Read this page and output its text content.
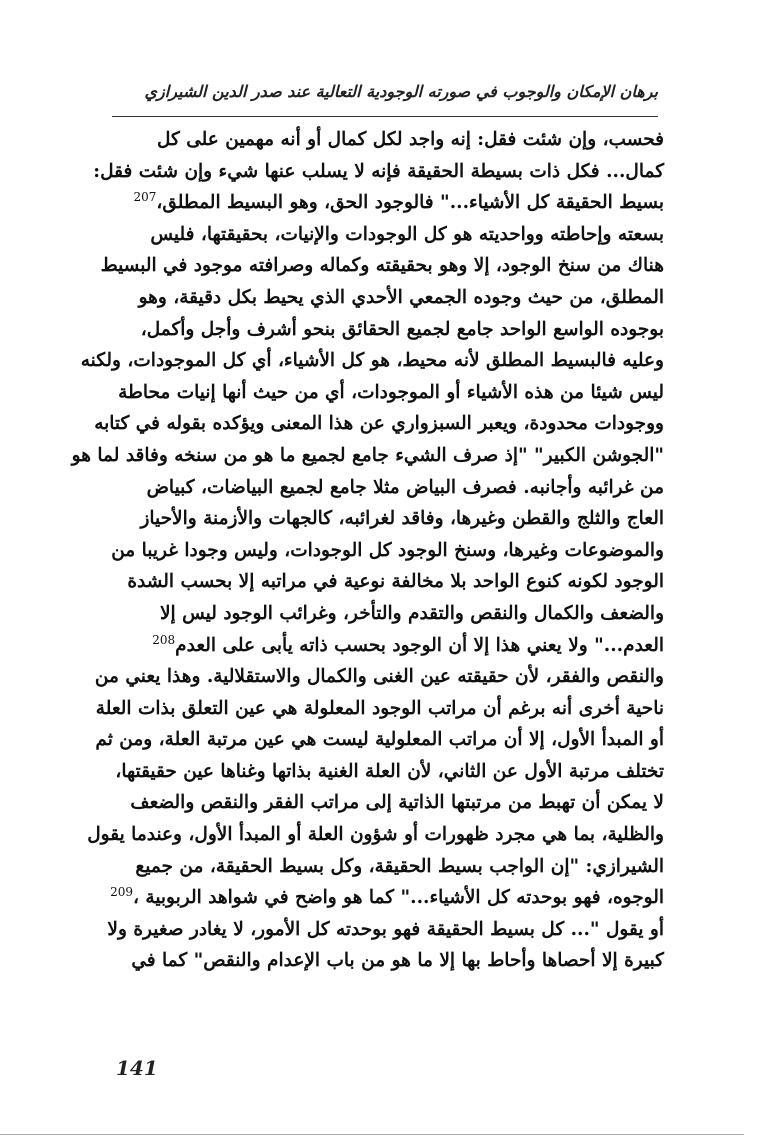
برهان الإمكان والوجوب في صورته الوجودية التعالية عند صدر الدين الشيرازي
فحسب، وإن شئت فقل: إنه واجد لكل كمال أو أنه مهمين على كل
كمال... فكل ذات بسيطة الحقيقة فإنه لا يسلب عنها شيء وإن شئت فقل:
بسيط الحقيقة كل الأشياء..." فالوجود الحق، وهو البسيط المطلق،$^{207}$
بسعته وإحاطته وواحديته هو كل الوجودات والإنيات، بحقيقتها، فليس
هناك من سنخ الوجود، إلا وهو بحقيقته وكماله وصرافته موجود في البسيط
المطلق، من حيث وجوده الجمعي الأحدي الذي يحيط بكل دقيقة، وهو
بوجوده الواسع الواحد جامع لجميع الحقائق بنحو أشرف وأجل وأكمل،
وعليه فالبسيط المطلق لأنه محيط، هو كل الأشياء، أي كل الموجودات، ولكنه
ليس شيئا من هذه الأشياء أو الموجودات، أي من حيث أنها إنيات محاطة
ووجودات محدودة، ويعبر السبزواري عن هذا المعنى ويؤكده بقوله في كتابه
"الجوشن الكبير" "إذ صرف الشيء جامع لجميع ما هو من سنخه وفاقد لما هو
من غرائبه وأجانبه. فصرف البياض مثلا جامع لجميع البياضات، كبياض
العاج والثلج والقطن وغيرها، وفاقد لغرائبه، كالجهات والأزمنة والأحياز
والموضوعات وغيرها، وسنخ الوجود كل الوجودات، وليس وجودا غريبا من
الوجود لكونه كنوع الواحد بلا مخالفة نوعية في مراتبه إلا بحسب الشدة
والضعف والكمال والنقص والتقدم والتأخر، وغرائب الوجود ليس إلا
العدم..." ولا يعني هذا إلا أن الوجود بحسب ذاته يأبى على العدم$^{208}$
والنقص والفقر، لأن حقيقته عين الغنى والكمال والاستقلالية. وهذا يعني من
ناحية أخرى أنه برغم أن مراتب الوجود المعلولة هي عين التعلق بذات العلة
أو المبدأ الأول، إلا أن مراتب المعلولية ليست هي عين مرتبة العلة، ومن ثم
تختلف مرتبة الأول عن الثاني، لأن العلة الغنية بذاتها وغناها عين حقيقتها،
لا يمكن أن تهبط من مرتبتها الذاتية إلى مراتب الفقر والنقص والضعف
والظلية، بما هي مجرد ظهورات أو شؤون العلة أو المبدأ الأول، وعندما يقول
الشيرازي: "إن الواجب بسيط الحقيقة، وكل بسيط الحقيقة، من جميع
الوجوه، فهو بوحدته كل الأشياء..." كما هو واضح في شواهد الربوبية ،$^{209}$
أو يقول "... كل بسيط الحقيقة فهو بوحدته كل الأمور، لا يغادر صغيرة ولا
كبيرة إلا أحصاها وأحاط بها إلا ما هو من باب الإعدام والنقص" كما في
141
